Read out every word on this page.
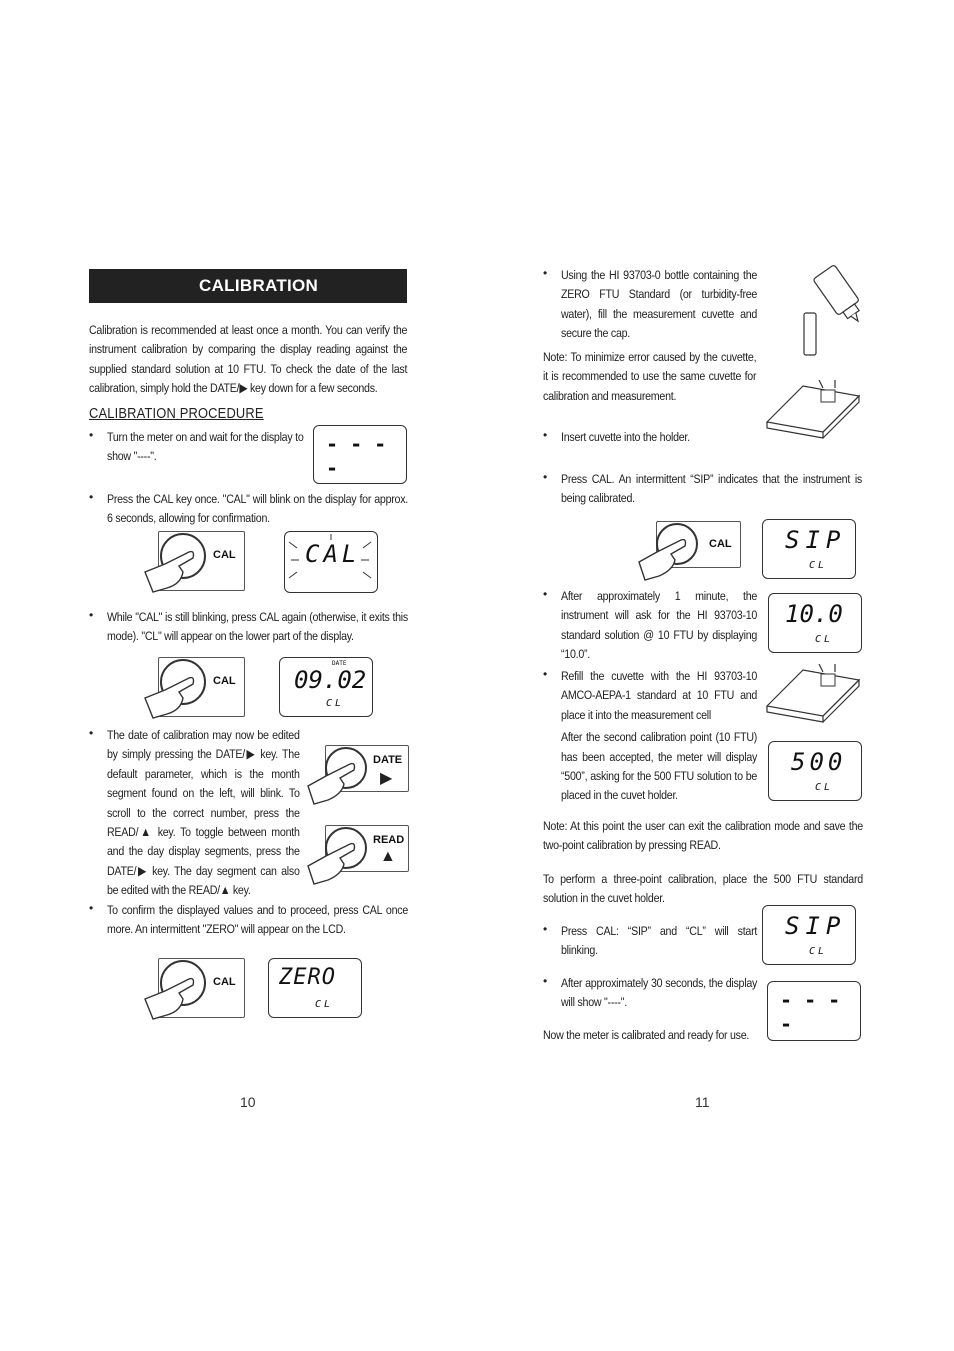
CALIBRATION
Calibration is recommended at least once a month. You can verify the instrument calibration by comparing the display reading against the supplied standard solution at 10 FTU. To check the date of the last calibration, simply hold the DATE/▶ key down for a few seconds.
CALIBRATION PROCEDURE
• Turn the meter on and wait for the display to show "----".
- - - -
• Press the CAL key once. "CAL" will blink on the display for approx. 6 seconds, allowing for confirmation.
CAL	CAL
• While "CAL" is still blinking, press CAL again (otherwise, it exits this mode). "CL" will appear on the lower part of the display.
CAL
DATE
09.02
CL
• The date of calibration may now be edited by simply pressing the DATE/▶ key. The default parameter, which is the month segment found on the left, will blink. To scroll to the correct number, press the READ/▲ key. To toggle between month and the day display segments, press the DATE/▶ key. The day segment can also be edited with the READ/▲ key.
DATE
▶
READ
▲
• To confirm the displayed values and to proceed, press CAL once more. An intermittent "ZERO" will appear on the LCD.
CAL ZERO
CL
10
• Using the HI 93703-0 bottle containing the ZERO FTU Standard (or turbidity-free water), fill the measurement cuvette and secure the cap.
Note: To minimize error caused by the cuvette, it is recommended to use the same cuvette for calibration and measurement.
• Insert cuvette into the holder.
• Press CAL. An intermittent “SIP” indicates that the instrument is being calibrated.
CAL SIP
CL
• After approximately 1 minute, the instrument will ask for the HI 93703-10 standard solution @ 10 FTU by displaying “10.0”.
10.0
CL
• Refill the cuvette with the HI 93703-10 AMCO-AEPA-1 standard at 10 FTU and place it into the measurement cell
After the second calibration point (10 FTU) has been accepted, the meter will display “500”, asking for the 500 FTU solution to be placed in the cuvet holder.
500
CL
Note: At this point the user can exit the calibration mode and save the two-point calibration by pressing READ.
To perform a three-point calibration, place the 500 FTU standard solution in the cuvet holder.
• Press CAL: “SIP” and “CL” will start blinking.
SIP
CL
• After approximately 30 seconds, the display will show "----".	- - - -
Now the meter is calibrated and ready for use.
11
